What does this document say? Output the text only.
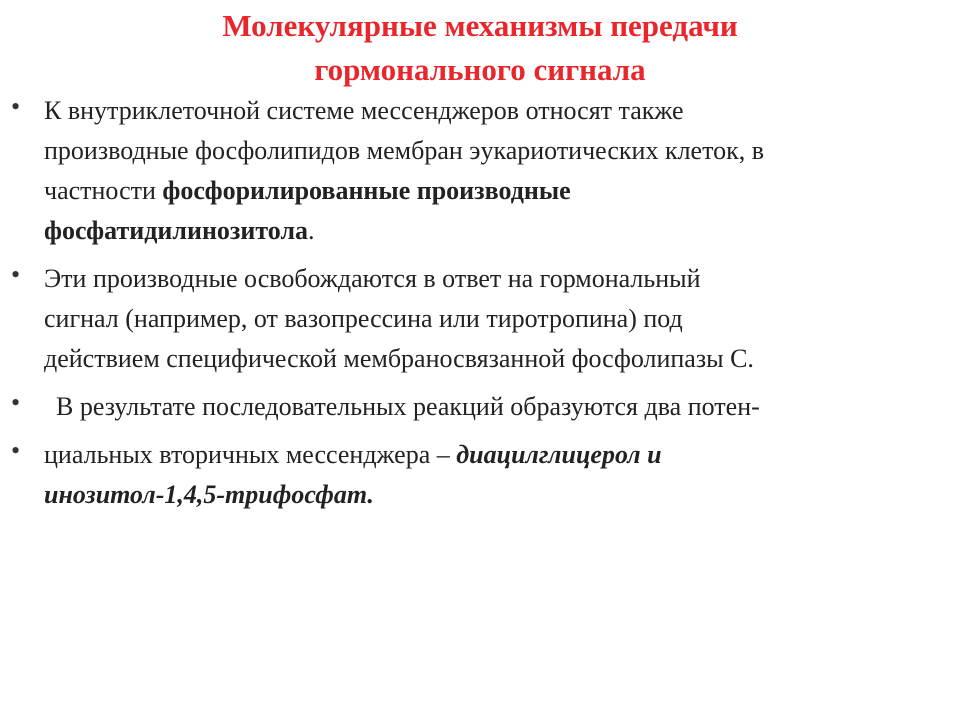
Молекулярные механизмы передачи
гормонального сигнала
• К внутриклеточной системе мессенджеров относят также
производные фосфолипидов мембран эукариотических клеток, в
частности фосфорилированные производные
фосфатидилинозитола.
• Эти производные освобождаются в ответ на гормональный
сигнал (например, от вазопрессина или тиротропина) под
действием специфической мембраносвязанной фосфолипазы С.
•	В результате последовательных реакций образуются два потен-
• циальных вторичных мессенджера – диацилглицерол и
инозитол-1,4,5-трифосфат.
